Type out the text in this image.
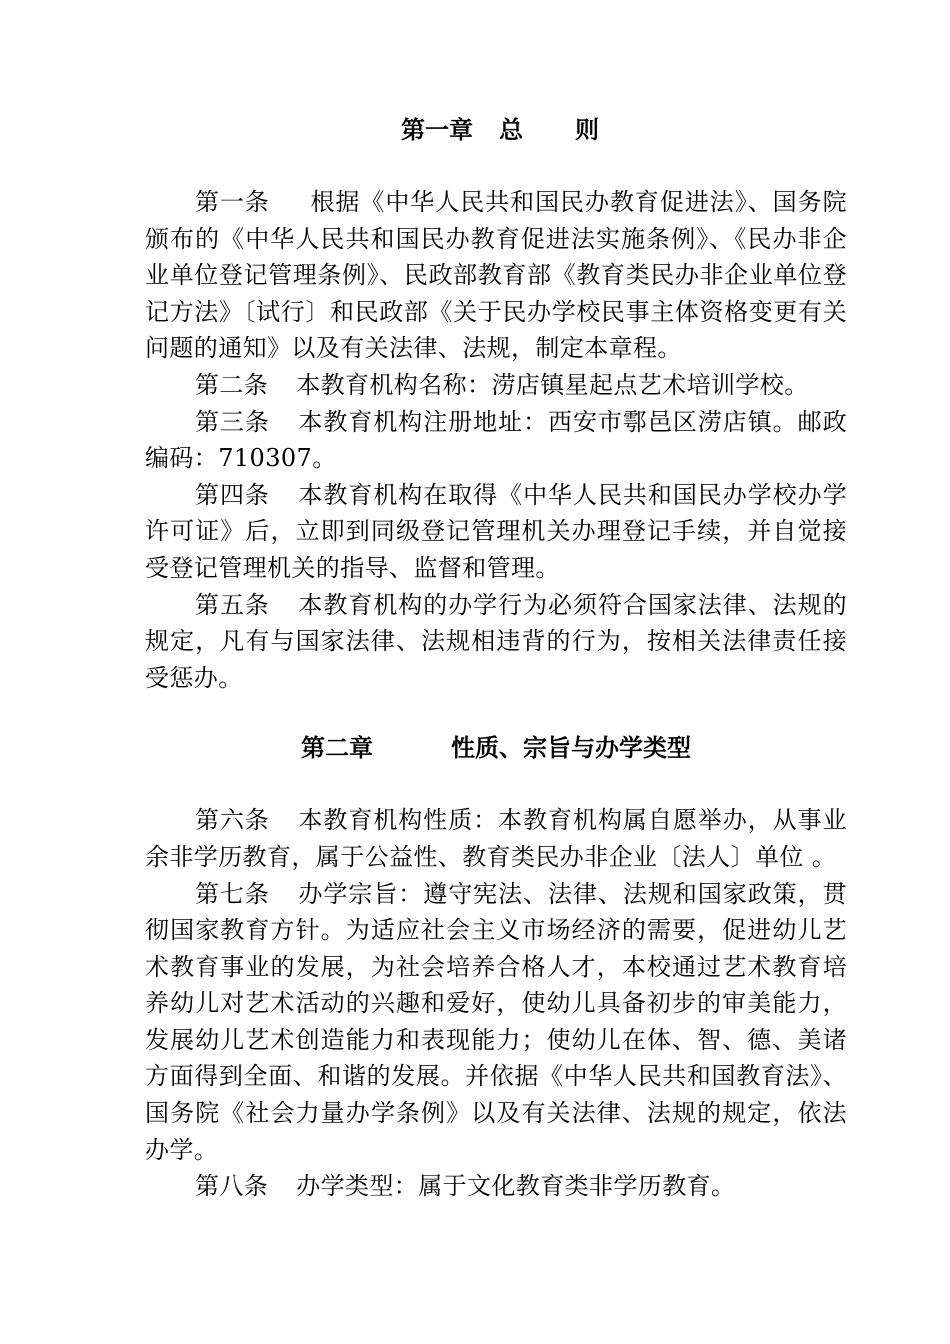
第一章 总则

第一条 根据《中华人民共和国民办教育促进法》、国务院颁布的《中华人民共和国民办教育促进法实施条例》、《民办非企业单位登记管理条例》、民政部教育部《教育类民办非企业单位登记方法》〔试行〕和民政部《关于民办学校民事主体资格变更有关问题的通知》以及有关法律、法规，制定本章程。

第二条 本教育机构名称：涝店镇星起点艺术培训学校。

第三条 本教育机构注册地址：西安市鄠邑区涝店镇。邮政编码：710307。

第四条 本教育机构在取得《中华人民共和国民办学校办学许可证》后，立即到同级登记管理机关办理登记手续，并自觉接受登记管理机关的指导、监督和管理。

第五条 本教育机构的办学行为必须符合国家法律、法规的规定，凡有与国家法律、法规相违背的行为，按相关法律责任接受惩办。

第二章	性质、宗旨与办学类型

第六条 本教育机构性质：本教育机构属自愿举办，从事业余非学历教育，属于公益性、教育类民办非企业〔法人〕单位 。

第七条 办学宗旨：遵守宪法、法律、法规和国家政策，贯彻国家教育方针。为适应社会主义市场经济的需要，促进幼儿艺术教育事业的发展，为社会培养合格人才，本校通过艺术教育培养幼儿对艺术活动的兴趣和爱好，使幼儿具备初步的审美能力，发展幼儿艺术创造能力和表现能力；使幼儿在体、智、德、美诸方面得到全面、和谐的发展。并依据《中华人民共和国教育法》、国务院《社会力量办学条例》以及有关法律、法规的规定，依法办学。

第八条 办学类型：属于文化教育类非学历教育。
